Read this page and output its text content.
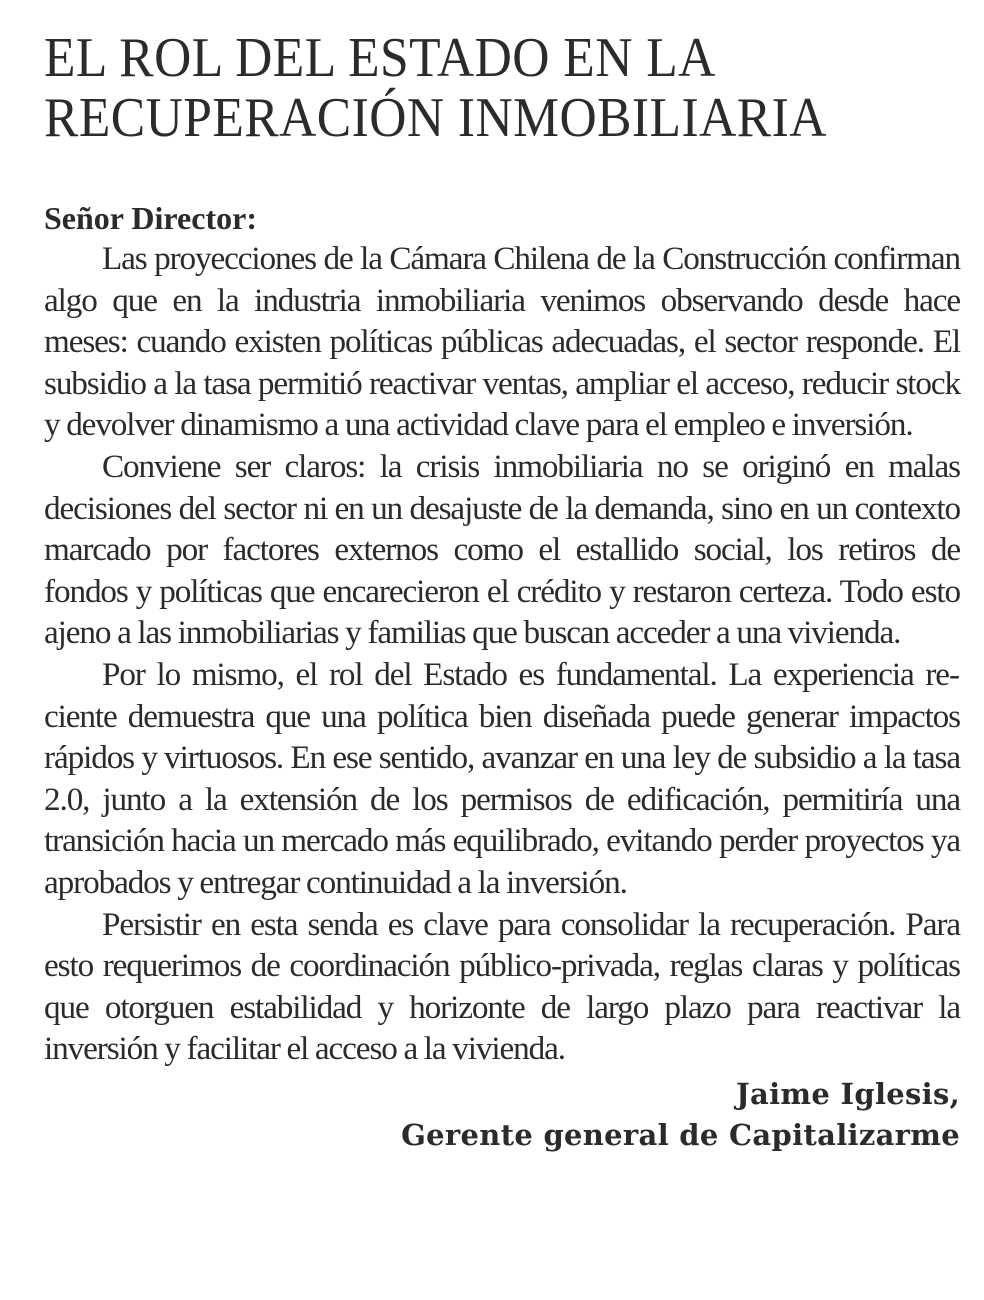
EL ROL DEL ESTADO EN LA
RECUPERACIÓN INMOBILIARIA
Señor Director:

Las proyecciones de la Cámara Chilena de la Construcción confirman algo que en la industria inmobiliaria venimos observando desde hace meses: cuando existen políticas públicas adecuadas, el sector responde. El subsidio a la tasa permitió reactivar ventas, ampliar el acceso, reducir stock y devolver dinamismo a una actividad clave para el empleo e inversión.

Conviene ser claros: la crisis inmobiliaria no se originó en malas decisiones del sector ni en un desajuste de la demanda, sino en un contexto marcado por factores externos como el estallido social, los retiros de fondos y políticas que encarecieron el crédito y restaron certeza. Todo esto ajeno a las inmobiliarias y familias que buscan acceder a una vivienda.

Por lo mismo, el rol del Estado es fundamental. La experiencia reciente demuestra que una política bien diseñada puede generar impactos rápidos y virtuosos. En ese sentido, avanzar en una ley de subsidio a la tasa 2.0, junto a la extensión de los permisos de edificación, permitiría una transición hacia un mercado más equilibrado, evitando perder proyectos ya aprobados y entregar continuidad a la inversión.

Persistir en esta senda es clave para consolidar la recuperación. Para esto requerimos de coordinación público-privada, reglas claras y políticas que otorguen estabilidad y horizonte de largo plazo para reactivar la inversión y facilitar el acceso a la vivienda.

Jaime Iglesis,
Gerente general de Capitalizarme
